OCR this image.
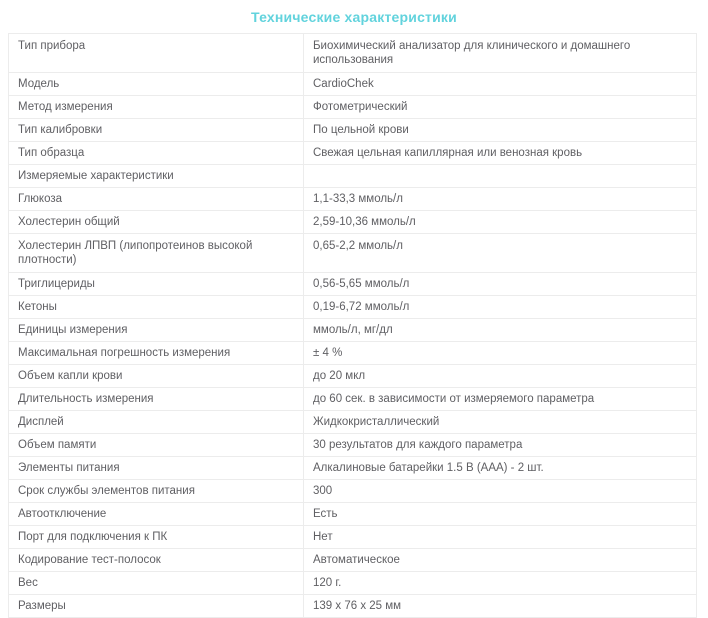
Технические характеристики
Тип прибора	Биохимический анализатор для клинического и домашнего использования
Модель	CardioChek
Метод измерения	Фотометрический
Тип калибровки	По цельной крови
Тип образца	Свежая цельная капиллярная или венозная кровь
Измеряемые характеристики	
Глюкоза	1,1-33,3 ммоль/л
Холестерин общий	2,59-10,36 ммоль/л
Холестерин ЛПВП (липопротеинов высокой плотности)	0,65-2,2 ммоль/л
Триглицериды	0,56-5,65 ммоль/л
Кетоны	0,19-6,72 ммоль/л
Единицы измерения	ммоль/л, мг/дл
Максимальная погрешность измерения	± 4 %
Объем капли крови	до 20 мкл
Длительность измерения	до 60 сек. в зависимости от измеряемого параметра
Дисплей	Жидкокристаллический
Объем памяти	30 результатов для каждого параметра
Элементы питания	Алкалиновые батарейки 1.5 В (AAA) - 2 шт.
Срок службы элементов питания	300
Автоотключение	Есть
Порт для подключения к ПК	Нет
Кодирование тест-полосок	Автоматическое
Вес	120 г.
Размеры	139 x 76 x 25 мм
